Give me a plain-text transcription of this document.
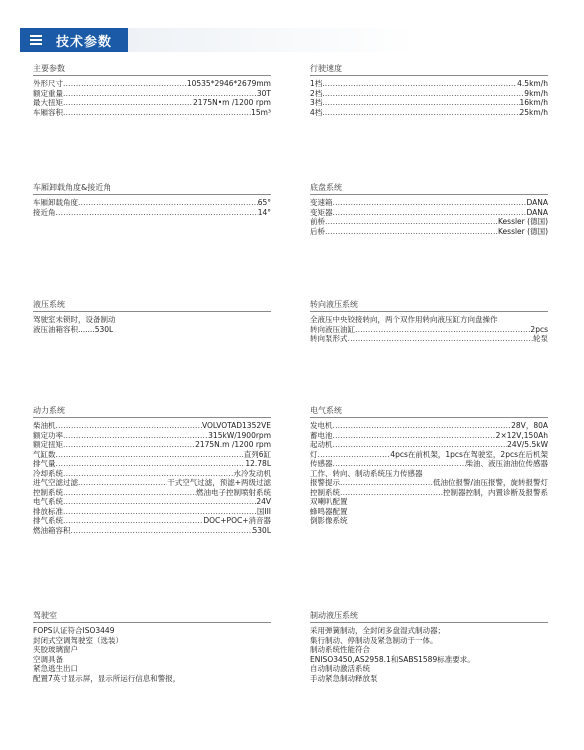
技术参数
主要参数
外形尺寸 .....	10535*2946*2679mm
额定重量 .....	30T
最大扭矩 .....	2175N•m /1200 rpm
车厢容积 .....	15m³
行驶速度
1档 .....	4.5km/h
2档 .....	9km/h
3档 .....	16km/h
4档 .....	25km/h
车厢卸载角度&接近角
车厢卸载角度 .....	65°
接近角 .....	14°
底盘系统
变速箱 .....	DANA
变矩器 .....	DANA
前桥 .....	Kessler (德国)
后桥 .....	Kessler (德国)
液压系统
驾驶室未锁时，设备制动
液压油箱容积.......530L
转向液压系统
全液压中央铰接转向，两个双作用转向液压缸方向盘操作
转向液压油缸 .....	2pcs
转向泵形式 .....	轮泵
动力系统
柴油机 .....	VOLVOTAD1352VE
额定功率 .....	315kW/1900rpm
额定扭矩 .....	2175N.m /1200 rpm
气缸数 .....	直列6缸
排气量 .....	12.78L
冷却系统 .....	水冷发动机
进气空滤过滤 .....	干式空气过滤，预滤+两级过滤
控制系统 .....	燃油电子控制喷射系统
电气系统 .....	24V
排放标准 .....	国III
排气系统 .....	DOC+POC+消音器
燃油箱容积 .....	530L
电气系统
发电机 .....	28V，80A
蓄电池 .....	2×12V,150Ah
起动机 .....	24V/5.5kW
灯 .....	4pcs在前机架，1pcs在驾驶室，2pcs在后机架
传感器 .....	柴油、液压油油位传感器
工作、转向、制动系统压力传感器
报警提示 .....	低油位报警/油压报警，旋转报警灯
控制系统 .....	控制器控制，内置诊断及报警系
双喇叭配置
蜂鸣器配置
倒影像系统
驾驶室
FOPS认证符合ISO3449
封闭式空调驾驶室（选装）
夹胶玻璃窗户
空调具备
紧急逃生出口
配置7英寸显示屏，显示所运行信息和警报，
制动液压系统
采用弹簧制动，全封闭多盘湿式制动器；
集行制动、停制动及紧急制动于一体。
制动系统性能符合
ENISO3450,AS2958.1和SABS1589标准要求。
自动制动激活系统
手动紧急制动释放泵
